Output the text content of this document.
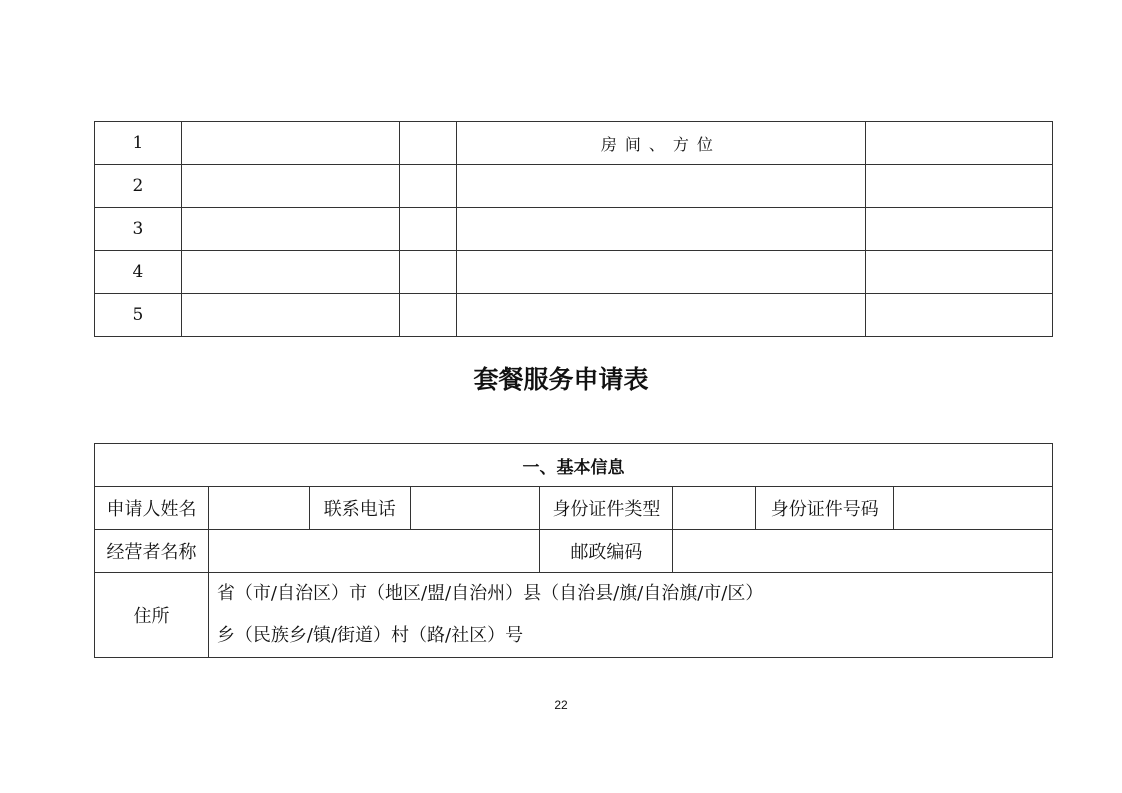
1			房间、方位	
2				
3				
4				
5				
套餐服务申请表
一、基本信息							
申请人姓名		联系电话		身份证件类型		身份证件号码	
经营者名称				邮政编码			
住所	省（市/自治区）市（地区/盟/自治州）县（自治县/旗/自治旗/市/区）
乡（民族乡/镇/街道）村（路/社区）号						
22
